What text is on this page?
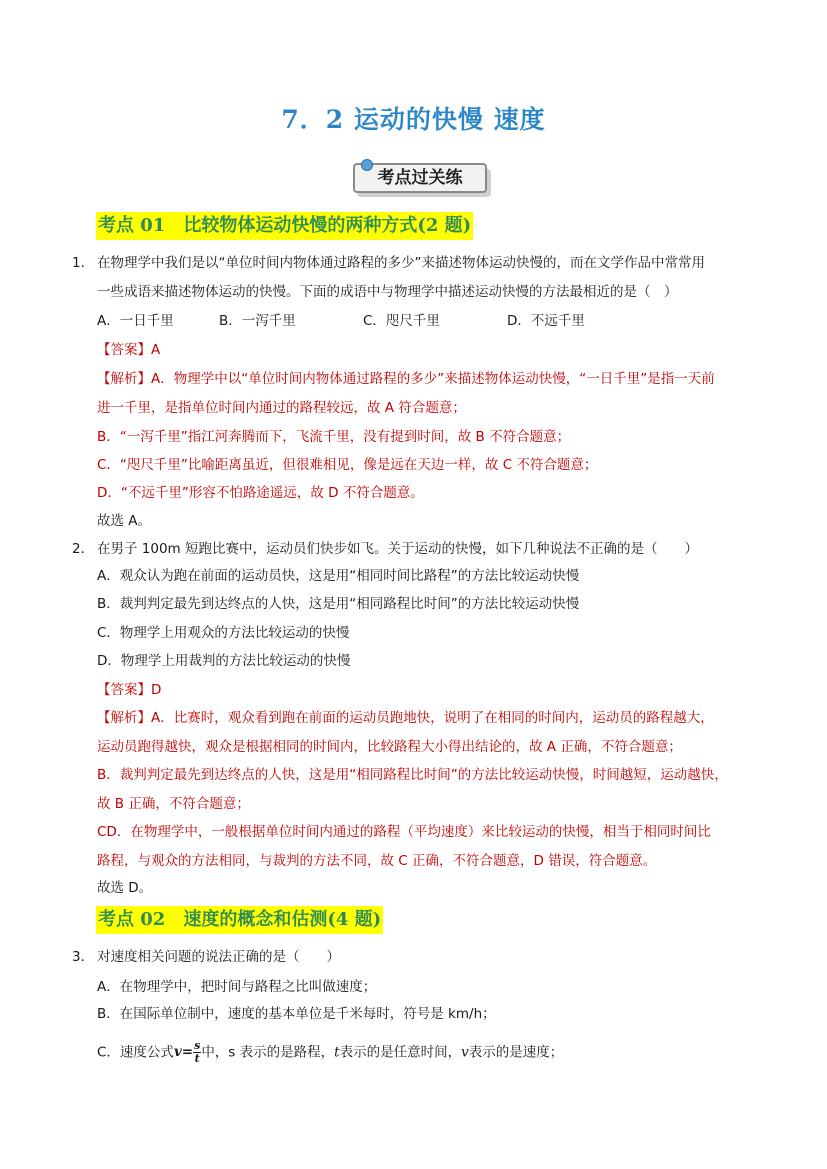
7．2 运动的快慢 速度
考点过关练
考点 01　比较物体运动快慢的两种方式(2 题)
1． 在物理学中我们是以“单位时间内物体通过路程的多少”来描述物体运动快慢的，而在文学作品中常常用
一些成语来描述物体运动的快慢。下面的成语中与物理学中描述运动快慢的方法最相近的是（　）
A．一日千里	B．一泻千里	C．咫尺千里	D．不远千里
【答案】A
【解析】A．物理学中以“单位时间内物体通过路程的多少”来描述物体运动快慢，“一日千里”是指一天前
进一千里，是指单位时间内通过的路程较远，故 A 符合题意；
B．“一泻千里”指江河奔腾而下，飞流千里，没有提到时间，故 B 不符合题意；
C．“咫尺千里”比喻距离虽近，但很难相见，像是远在天边一样，故 C 不符合题意；
D．“不远千里”形容不怕路途遥远，故 D 不符合题意。
故选 A。
2． 在男子 100m 短跑比赛中，运动员们快步如飞。关于运动的快慢，如下几种说法不正确的是（　　）
A．观众认为跑在前面的运动员快，这是用“相同时间比路程”的方法比较运动快慢
B．裁判判定最先到达终点的人快，这是用“相同路程比时间”的方法比较运动快慢
C．物理学上用观众的方法比较运动的快慢
D．物理学上用裁判的方法比较运动的快慢
【答案】D
【解析】A．比赛时，观众看到跑在前面的运动员跑地快，说明了在相同的时间内，运动员的路程越大，
运动员跑得越快，观众是根据相同的时间内，比较路程大小得出结论的，故 A 正确，不符合题意；
B．裁判判定最先到达终点的人快，这是用“相同路程比时间”的方法比较运动快慢，时间越短，运动越快，
故 B 正确，不符合题意；
CD．在物理学中，一般根据单位时间内通过的路程（平均速度）来比较运动的快慢，相当于相同时间比
路程，与观众的方法相同，与裁判的方法不同，故 C 正确，不符合题意，D 错误，符合题意。
故选 D。
考点 02　速度的概念和估测(4 题)
3． 对速度相关问题的说法正确的是（　　）
A．在物理学中，把时间与路程之比叫做速度；
B．在国际单位制中，速度的基本单位是千米每时，符号是 km/h；
C．速度公式$v= \frac{s}{t}$ 中，s 表示的是路程，t表示的是任意时间，v表示的是速度；
